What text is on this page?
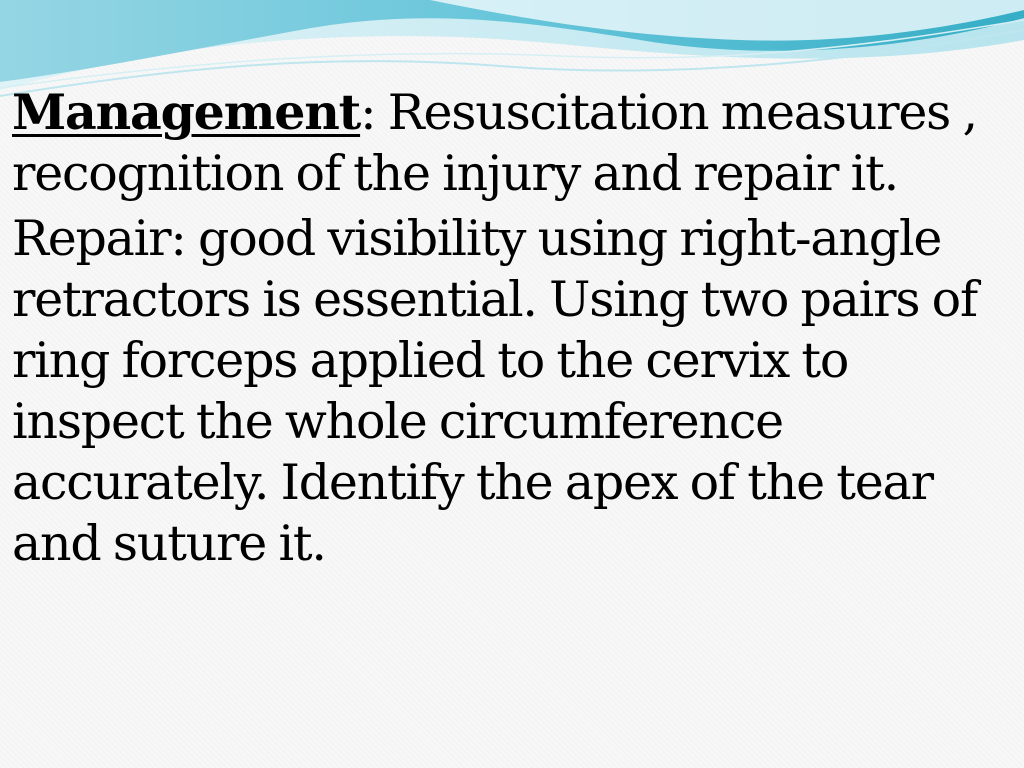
Management: Resuscitation measures , recognition of the injury and repair it.

Repair: good visibility using right-angle retractors is essential. Using two pairs of ring forceps applied to the cervix to inspect the whole circumference accurately. Identify the apex of the tear and suture it.
